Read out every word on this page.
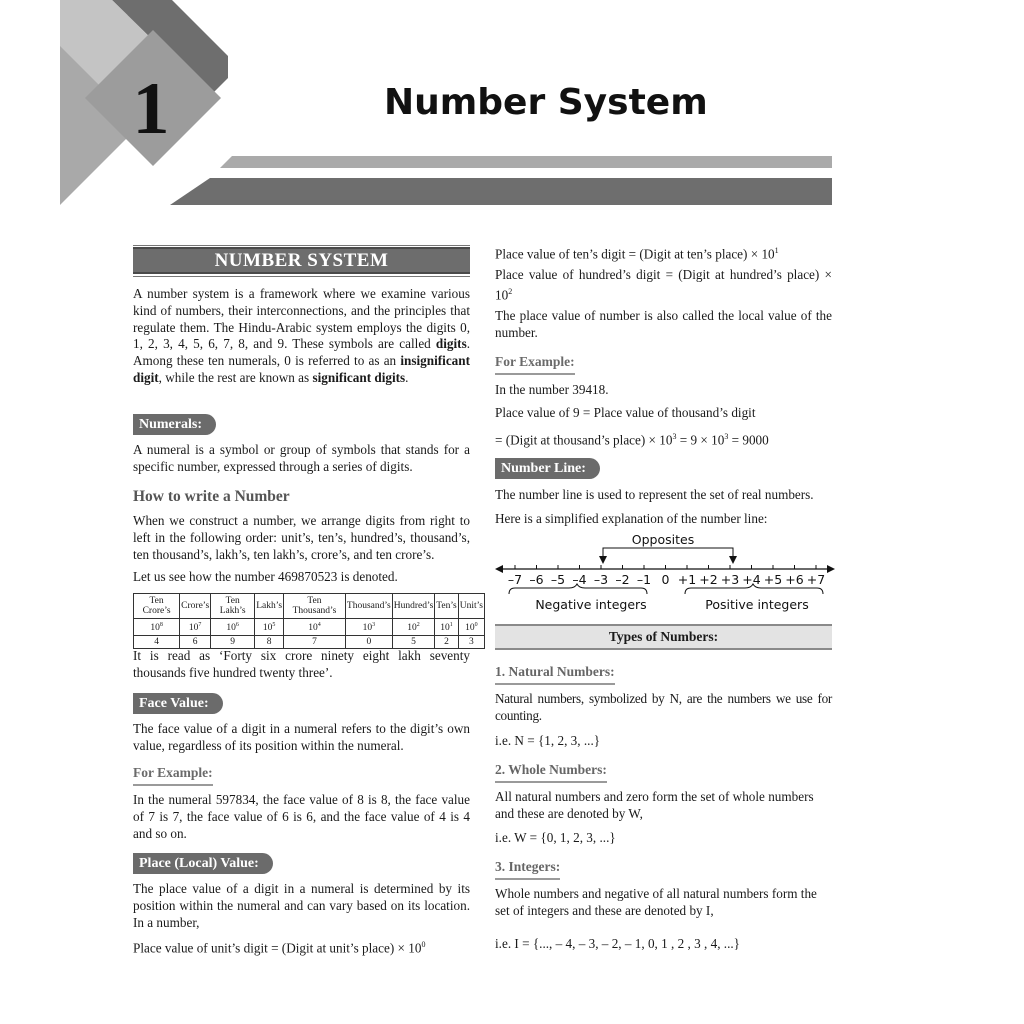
1	Number System
NUMBER SYSTEM

A number system is a framework where we examine various kind of numbers, their interconnections, and the principles that regulate them. The Hindu-Arabic system employs the digits 0, 1, 2, 3, 4, 5, 6, 7, 8, and 9. These symbols are called digits. Among these ten numerals, 0 is referred to as an insignificant digit, while the rest are known as significant digits.

Numerals:

A numeral is a symbol or group of symbols that stands for a specific number, expressed through a series of digits.

How to write a Number

When we construct a number, we arrange digits from right to left in the following order: unit’s, ten’s, hundred’s, thousand’s, ten thousand’s, lakh’s, ten lakh’s, crore’s, and ten crore’s.

Let us see how the number 469870523 is denoted.

Ten Crore’s	Crore’s	Ten Lakh’s	Lakh’s	Ten Thousand’s	Thousand’s	Hundred’s	Ten’s	Unit’s
$10^8$	$10^7$	$10^6$	$10^5$	$10^4$	$10^3$	$10^2$	$10^1$	$10^0$
4	6	9	8	7	0	5	2	3

It is read as ‘Forty six crore ninety eight lakh seventy thousands five hundred twenty three’.

Face Value:

The face value of a digit in a numeral refers to the digit’s own value, regardless of its position within the numeral.

For Example:

In the numeral 597834, the face value of 8 is 8, the face value of 7 is 7, the face value of 6 is 6, and the face value of 4 is 4 and so on.

Place (Local) Value:

The place value of a digit in a numeral is determined by its position within the numeral and can vary based on its location. In a number,

Place value of unit’s digit = (Digit at unit’s place) × $10^0$

Place value of ten’s digit = (Digit at ten’s place) × $10^1$

Place value of hundred’s digit = (Digit at hundred’s place) × $10^2$

The place value of number is also called the local value of the number.

For Example:

In the number 39418.

Place value of 9 = Place value of thousand’s digit

= (Digit at thousand’s place) × $10^3 = 9 \times 10^3 = 9000$

Number Line:

The number line is used to represent the set of real numbers.

Here is a simplified explanation of the number line:

Opposites
–7 –6 –5 –4 –3 –2 –1 0 +1 +2 +3 +4 +5 +6 +7
Negative integers	Positive integers
Types of Numbers:
1. Natural Numbers:

Natural numbers, symbolized by N, are the numbers we use for counting.

i.e. N = {1, 2, 3, ...}

2. Whole Numbers:

All natural numbers and zero form the set of whole numbers and these are denoted by W,

i.e. W = {0, 1, 2, 3, ...}

3. Integers:

Whole numbers and negative of all natural numbers form the set of integers and these are denoted by I,

i.e. I = {..., – 4, – 3, – 2, – 1, 0, 1 , 2 , 3 , 4, ...}
